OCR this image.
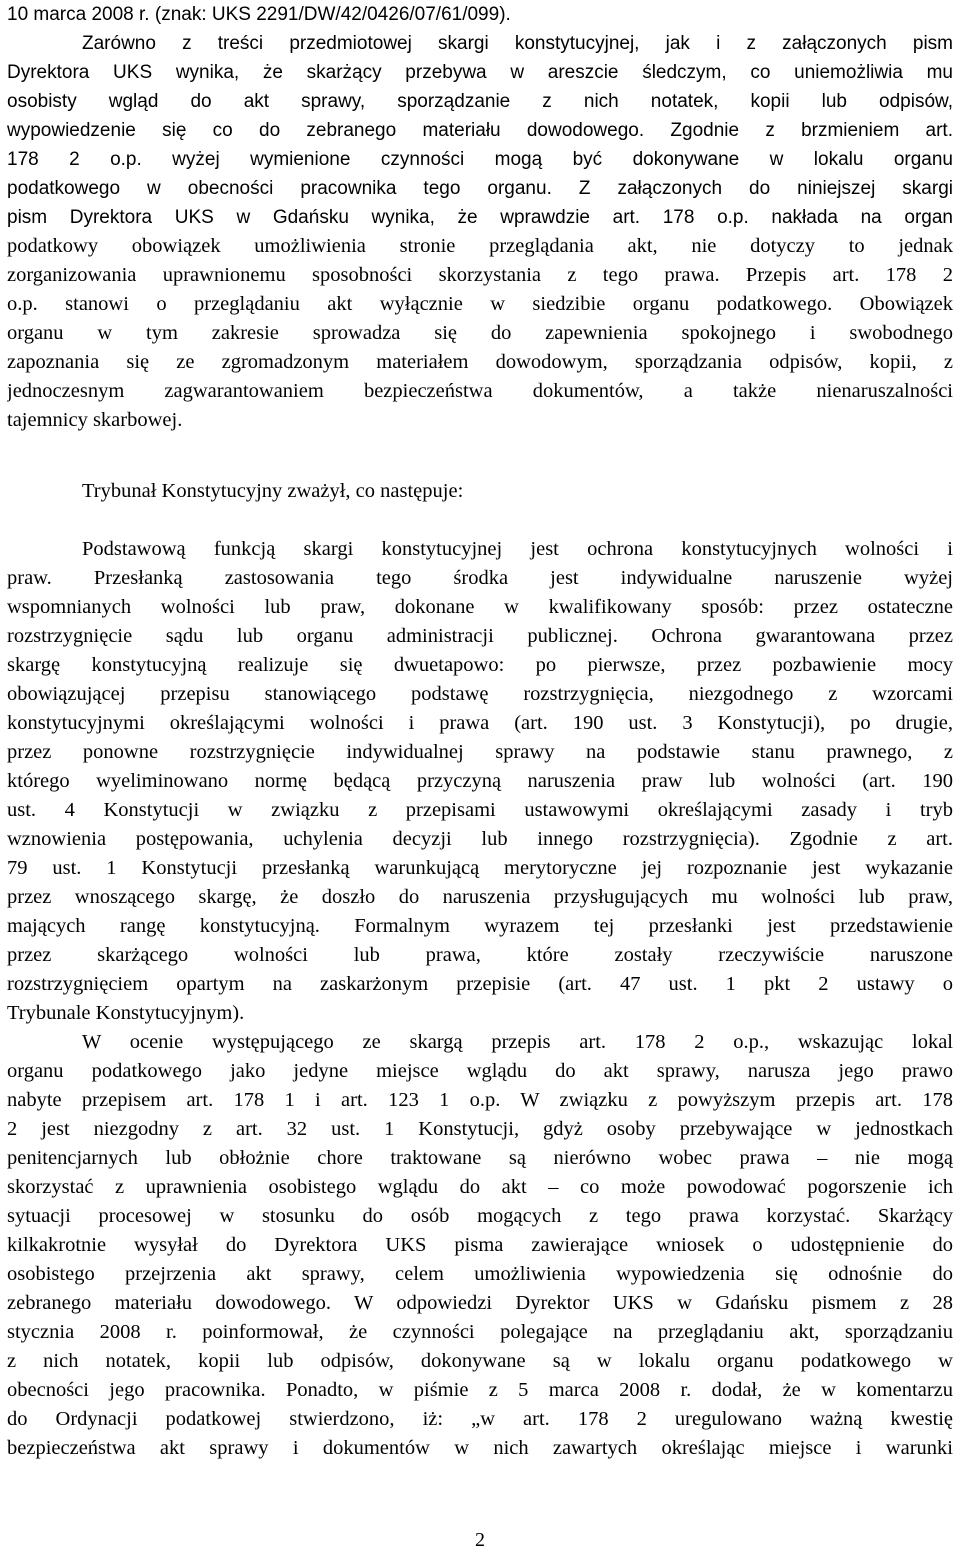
10 marca 2008 r. (znak: UKS 2291/DW/42/0426/07/61/099).
Zarówno z treści przedmiotowej skargi konstytucyjnej, jak i z załączonych pism
Dyrektora UKS wynika, że skarżący przebywa w areszcie śledczym, co uniemożliwia mu
osobisty wgląd do akt sprawy, sporządzanie z nich notatek, kopii lub odpisów,
wypowiedzenie się co do zebranego materiału dowodowego. Zgodnie z brzmieniem art.
178 2 o.p. wyżej wymienione czynności mogą być dokonywane w lokalu organu
podatkowego w obecności pracownika tego organu. Z załączonych do niniejszej skargi
pism Dyrektora UKS w Gdańsku wynika, że wprawdzie art. 178 o.p. nakłada na organ
podatkowy obowiązek umożliwienia stronie przeglądania akt, nie dotyczy to jednak
zorganizowania uprawnionemu sposobności skorzystania z tego prawa. Przepis art. 178 2
o.p. stanowi o przeglądaniu akt wyłącznie w siedzibie organu podatkowego. Obowiązek
organu w tym zakresie sprowadza się do zapewnienia spokojnego i swobodnego
zapoznania się ze zgromadzonym materiałem dowodowym, sporządzania odpisów, kopii, z
jednoczesnym zagwarantowaniem bezpieczeństwa dokumentów, a także nienaruszalności
tajemnicy skarbowej.
Trybunał Konstytucyjny zważył, co następuje:
Podstawową funkcją skargi konstytucyjnej jest ochrona konstytucyjnych wolności i
praw. Przesłanką zastosowania tego środka jest indywidualne naruszenie wyżej
wspomnianych wolności lub praw, dokonane w kwalifikowany sposób: przez ostateczne
rozstrzygnięcie sądu lub organu administracji publicznej. Ochrona gwarantowana przez
skargę konstytucyjną realizuje się dwuetapowo: po pierwsze, przez pozbawienie mocy
obowiązującej przepisu stanowiącego podstawę rozstrzygnięcia, niezgodnego z wzorcami
konstytucyjnymi określającymi wolności i prawa (art. 190 ust. 3 Konstytucji), po drugie,
przez ponowne rozstrzygnięcie indywidualnej sprawy na podstawie stanu prawnego, z
którego wyeliminowano normę będącą przyczyną naruszenia praw lub wolności (art. 190
ust. 4 Konstytucji w związku z przepisami ustawowymi określającymi zasady i tryb
wznowienia postępowania, uchylenia decyzji lub innego rozstrzygnięcia). Zgodnie z art.
79 ust. 1 Konstytucji przesłanką warunkującą merytoryczne jej rozpoznanie jest wykazanie
przez wnoszącego skargę, że doszło do naruszenia przysługujących mu wolności lub praw,
mających rangę konstytucyjną. Formalnym wyrazem tej przesłanki jest przedstawienie
przez skarżącego wolności lub prawa, które zostały rzeczywiście naruszone
rozstrzygnięciem opartym na zaskarżonym przepisie (art. 47 ust. 1 pkt 2 ustawy o
Trybunale Konstytucyjnym).
W ocenie występującego ze skargą przepis art. 178 2 o.p., wskazując lokal
organu podatkowego jako jedyne miejsce wglądu do akt sprawy, narusza jego prawo
nabyte przepisem art. 178 1 i art. 123 1 o.p. W związku z powyższym przepis art. 178
2 jest niezgodny z art. 32 ust. 1 Konstytucji, gdyż osoby przebywające w jednostkach
penitencjarnych lub obłożnie chore traktowane są nierówno wobec prawa – nie mogą
skorzystać z uprawnienia osobistego wglądu do akt – co może powodować pogorszenie ich
sytuacji procesowej w stosunku do osób mogących z tego prawa korzystać. Skarżący
kilkakrotnie wysyłał do Dyrektora UKS pisma zawierające wniosek o udostępnienie do
osobistego przejrzenia akt sprawy, celem umożliwienia wypowiedzenia się odnośnie do
zebranego materiału dowodowego. W odpowiedzi Dyrektor UKS w Gdańsku pismem z 28
stycznia 2008 r. poinformował, że czynności polegające na przeglądaniu akt, sporządzaniu
z nich notatek, kopii lub odpisów, dokonywane są w lokalu organu podatkowego w
obecności jego pracownika. Ponadto, w piśmie z 5 marca 2008 r. dodał, że w komentarzu
do Ordynacji podatkowej stwierdzono, iż: „w art. 178 2 uregulowano ważną kwestię
bezpieczeństwa akt sprawy i dokumentów w nich zawartych określając miejsce i warunki
2
